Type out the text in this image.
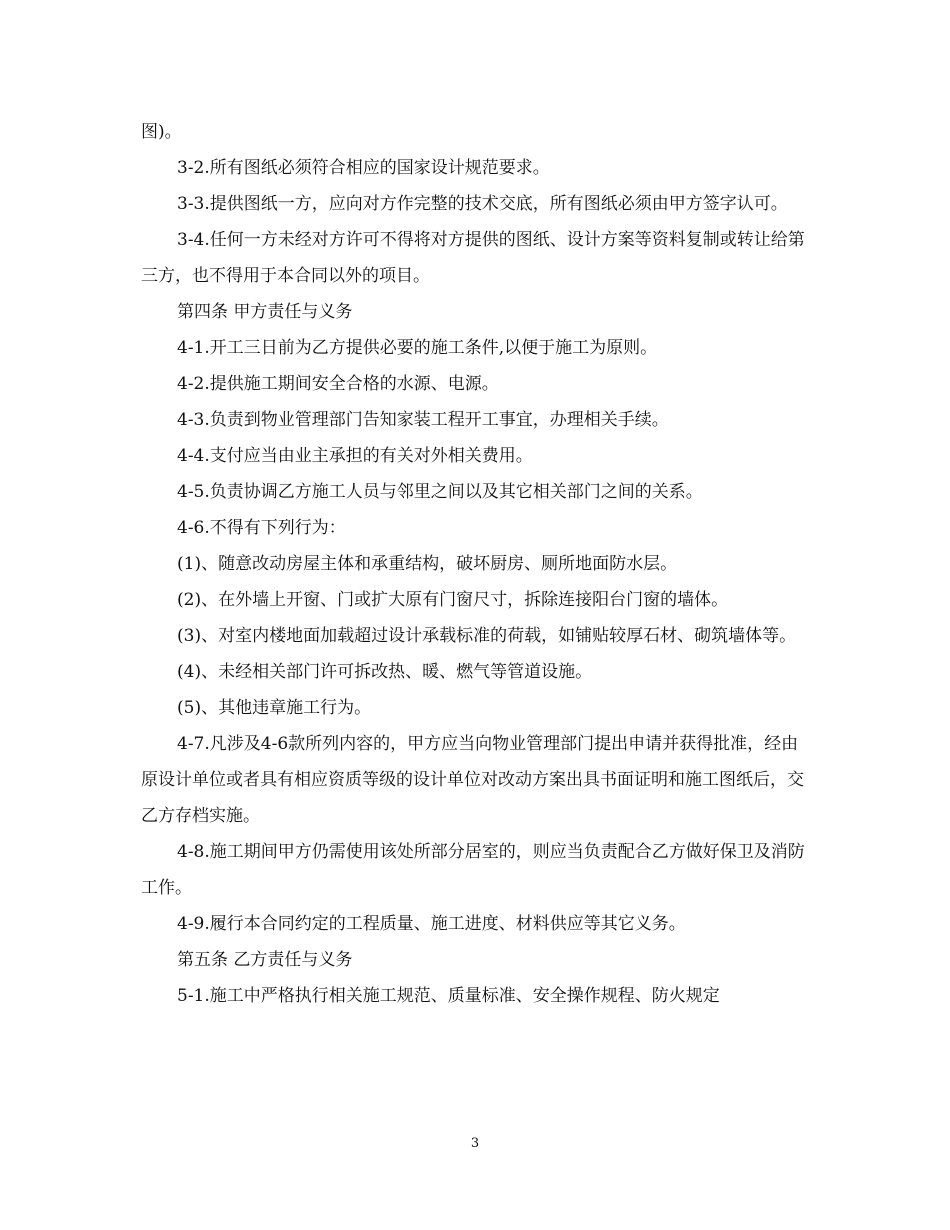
图)。

3-2.所有图纸必须符合相应的国家设计规范要求。

3-3.提供图纸一方，应向对方作完整的技术交底，所有图纸必须由甲方签字认可。

3-4.任何一方未经对方许可不得将对方提供的图纸、设计方案等资料复制或转让给第三方，也不得用于本合同以外的项目。

第四条 甲方责任与义务

4-1.开工三日前为乙方提供必要的施工条件,以便于施工为原则。

4-2.提供施工期间安全合格的水源、电源。

4-3.负责到物业管理部门告知家装工程开工事宜，办理相关手续。

4-4.支付应当由业主承担的有关对外相关费用。

4-5.负责协调乙方施工人员与邻里之间以及其它相关部门之间的关系。

4-6.不得有下列行为：

(1)、随意改动房屋主体和承重结构，破坏厨房、厕所地面防水层。

(2)、在外墙上开窗、门或扩大原有门窗尺寸，拆除连接阳台门窗的墙体。

(3)、对室内楼地面加载超过设计承载标准的荷载，如铺贴较厚石材、砌筑墙体等。

(4)、未经相关部门许可拆改热、暖、燃气等管道设施。

(5)、其他违章施工行为。

4-7.凡涉及4-6款所列内容的，甲方应当向物业管理部门提出申请并获得批准，经由原设计单位或者具有相应资质等级的设计单位对改动方案出具书面证明和施工图纸后，交乙方存档实施。

4-8.施工期间甲方仍需使用该处所部分居室的，则应当负责配合乙方做好保卫及消防工作。

4-9.履行本合同约定的工程质量、施工进度、材料供应等其它义务。

第五条 乙方责任与义务

5-1.施工中严格执行相关施工规范、质量标准、安全操作规程、防火规定

3
